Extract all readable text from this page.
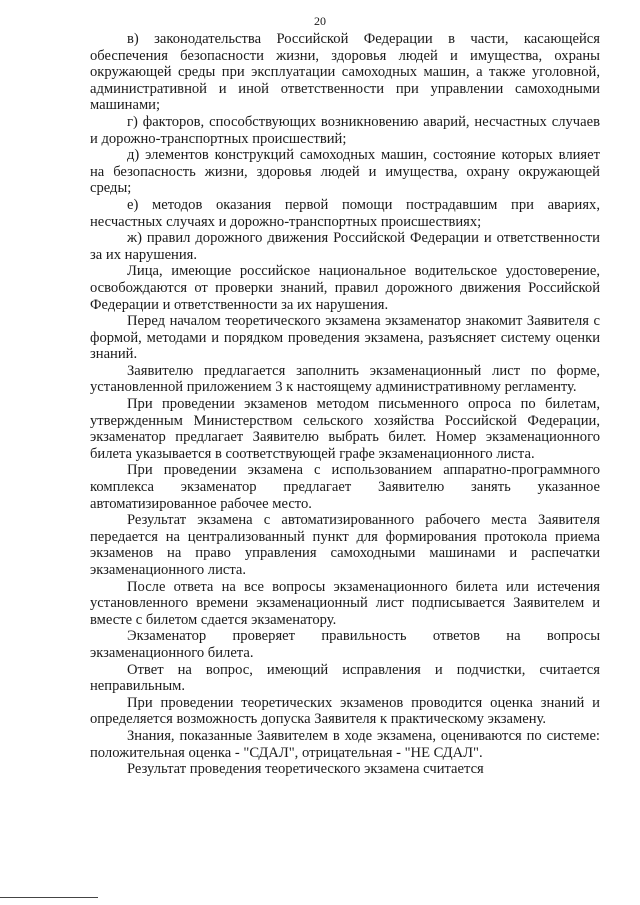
20

в) законодательства Российской Федерации в части, касающейся обеспечения безопасности жизни, здоровья людей и имущества, охраны окружающей среды при эксплуатации самоходных машин, а также уголовной, административной и иной ответственности при управлении самоходными машинами;

г) факторов, способствующих возникновению аварий, несчастных случаев и дорожно-транспортных происшествий;

д) элементов конструкций самоходных машин, состояние которых влияет на безопасность жизни, здоровья людей и имущества, охрану окружающей среды;

е) методов оказания первой помощи пострадавшим при авариях, несчастных случаях и дорожно-транспортных происшествиях;

ж) правил дорожного движения Российской Федерации и ответственности за их нарушения.

Лица, имеющие российское национальное водительское удостоверение, освобождаются от проверки знаний, правил дорожного движения Российской Федерации и ответственности за их нарушения.

Перед началом теоретического экзамена экзаменатор знакомит Заявителя с формой, методами и порядком проведения экзамена, разъясняет систему оценки знаний.

Заявителю предлагается заполнить экзаменационный лист по форме, установленной приложением 3 к настоящему административному регламенту.

При проведении экзаменов методом письменного опроса по билетам, утвержденным Министерством сельского хозяйства Российской Федерации, экзаменатор предлагает Заявителю выбрать билет. Номер экзаменационного билета указывается в соответствующей графе экзаменационного листа.

При проведении экзамена с использованием аппаратно-программного комплекса экзаменатор предлагает Заявителю занять указанное автоматизированное рабочее место.

Результат экзамена с автоматизированного рабочего места Заявителя передается на централизованный пункт для формирования протокола приема экзаменов на право управления самоходными машинами и распечатки экзаменационного листа.

После ответа на все вопросы экзаменационного билета или истечения установленного времени экзаменационный лист подписывается Заявителем и вместе с билетом сдается экзаменатору.

Экзаменатор проверяет правильность ответов на вопросы экзаменационного билета.

Ответ на вопрос, имеющий исправления и подчистки, считается неправильным.

При проведении теоретических экзаменов проводится оценка знаний и определяется возможность допуска Заявителя к практическому экзамену.

Знания, показанные Заявителем в ходе экзамена, оцениваются по системе: положительная оценка - "СДАЛ", отрицательная - "НЕ СДАЛ".

Результат проведения теоретического экзамена считается
